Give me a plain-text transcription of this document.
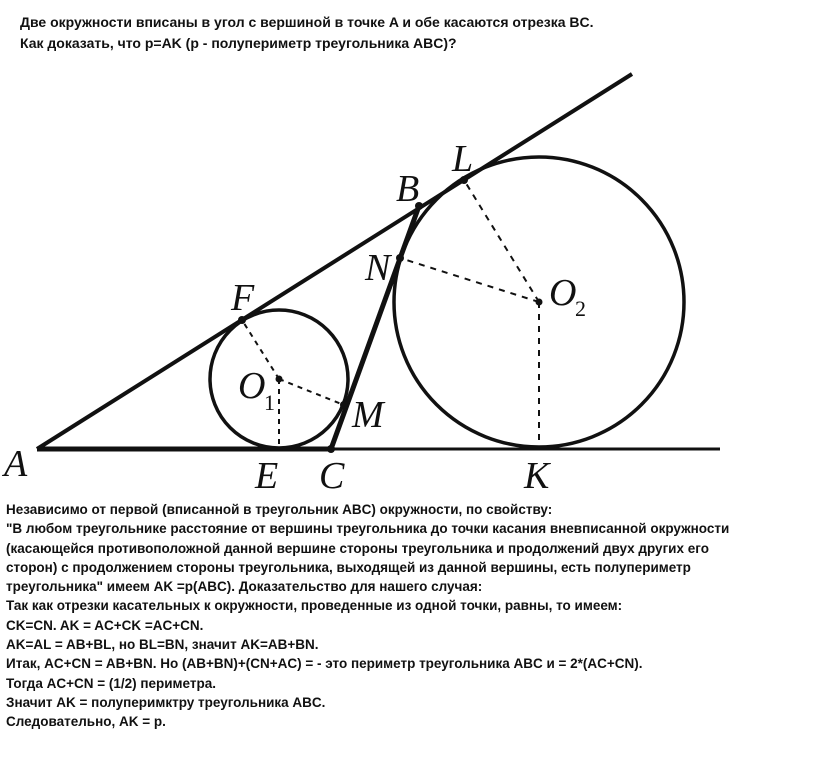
Две окружности вписаны в угол с вершиной в точке A и обе касаются отрезка BC.
Как доказать, что p=AK (p - полупериметр треугольника ABC)?
A
B
C
E
F
K
L
M
N
O
1
O
2
Независимо от первой (вписанной в треугольник ABC) окружности, по свойству:
"В любом треугольнике расстояние от вершины треугольника до точки касания вневписанной окружности
(касающейся противоположной данной вершине стороны треугольника и продолжений двух других его
сторон) с продолжением стороны треугольника, выходящей из данной вершины, есть полупериметр
треугольника" имеем AK =p(ABC). Доказательство для нашего случая:
Так как отрезки касательных к окружности, проведенные из одной точки, равны, то имеем:
CK=CN. AK = AC+CK =AC+CN.
AK=AL = AB+BL, но BL=BN, значит AK=AB+BN.
Итак, AC+CN = AB+BN. Но (AB+BN)+(CN+AC) = - это периметр треугольника ABC и = 2*(AC+CN).
Тогда AC+CN = (1/2) периметра.
Значит AK = полуперимктру треугольника ABC.
Следовательно, AK = p.
